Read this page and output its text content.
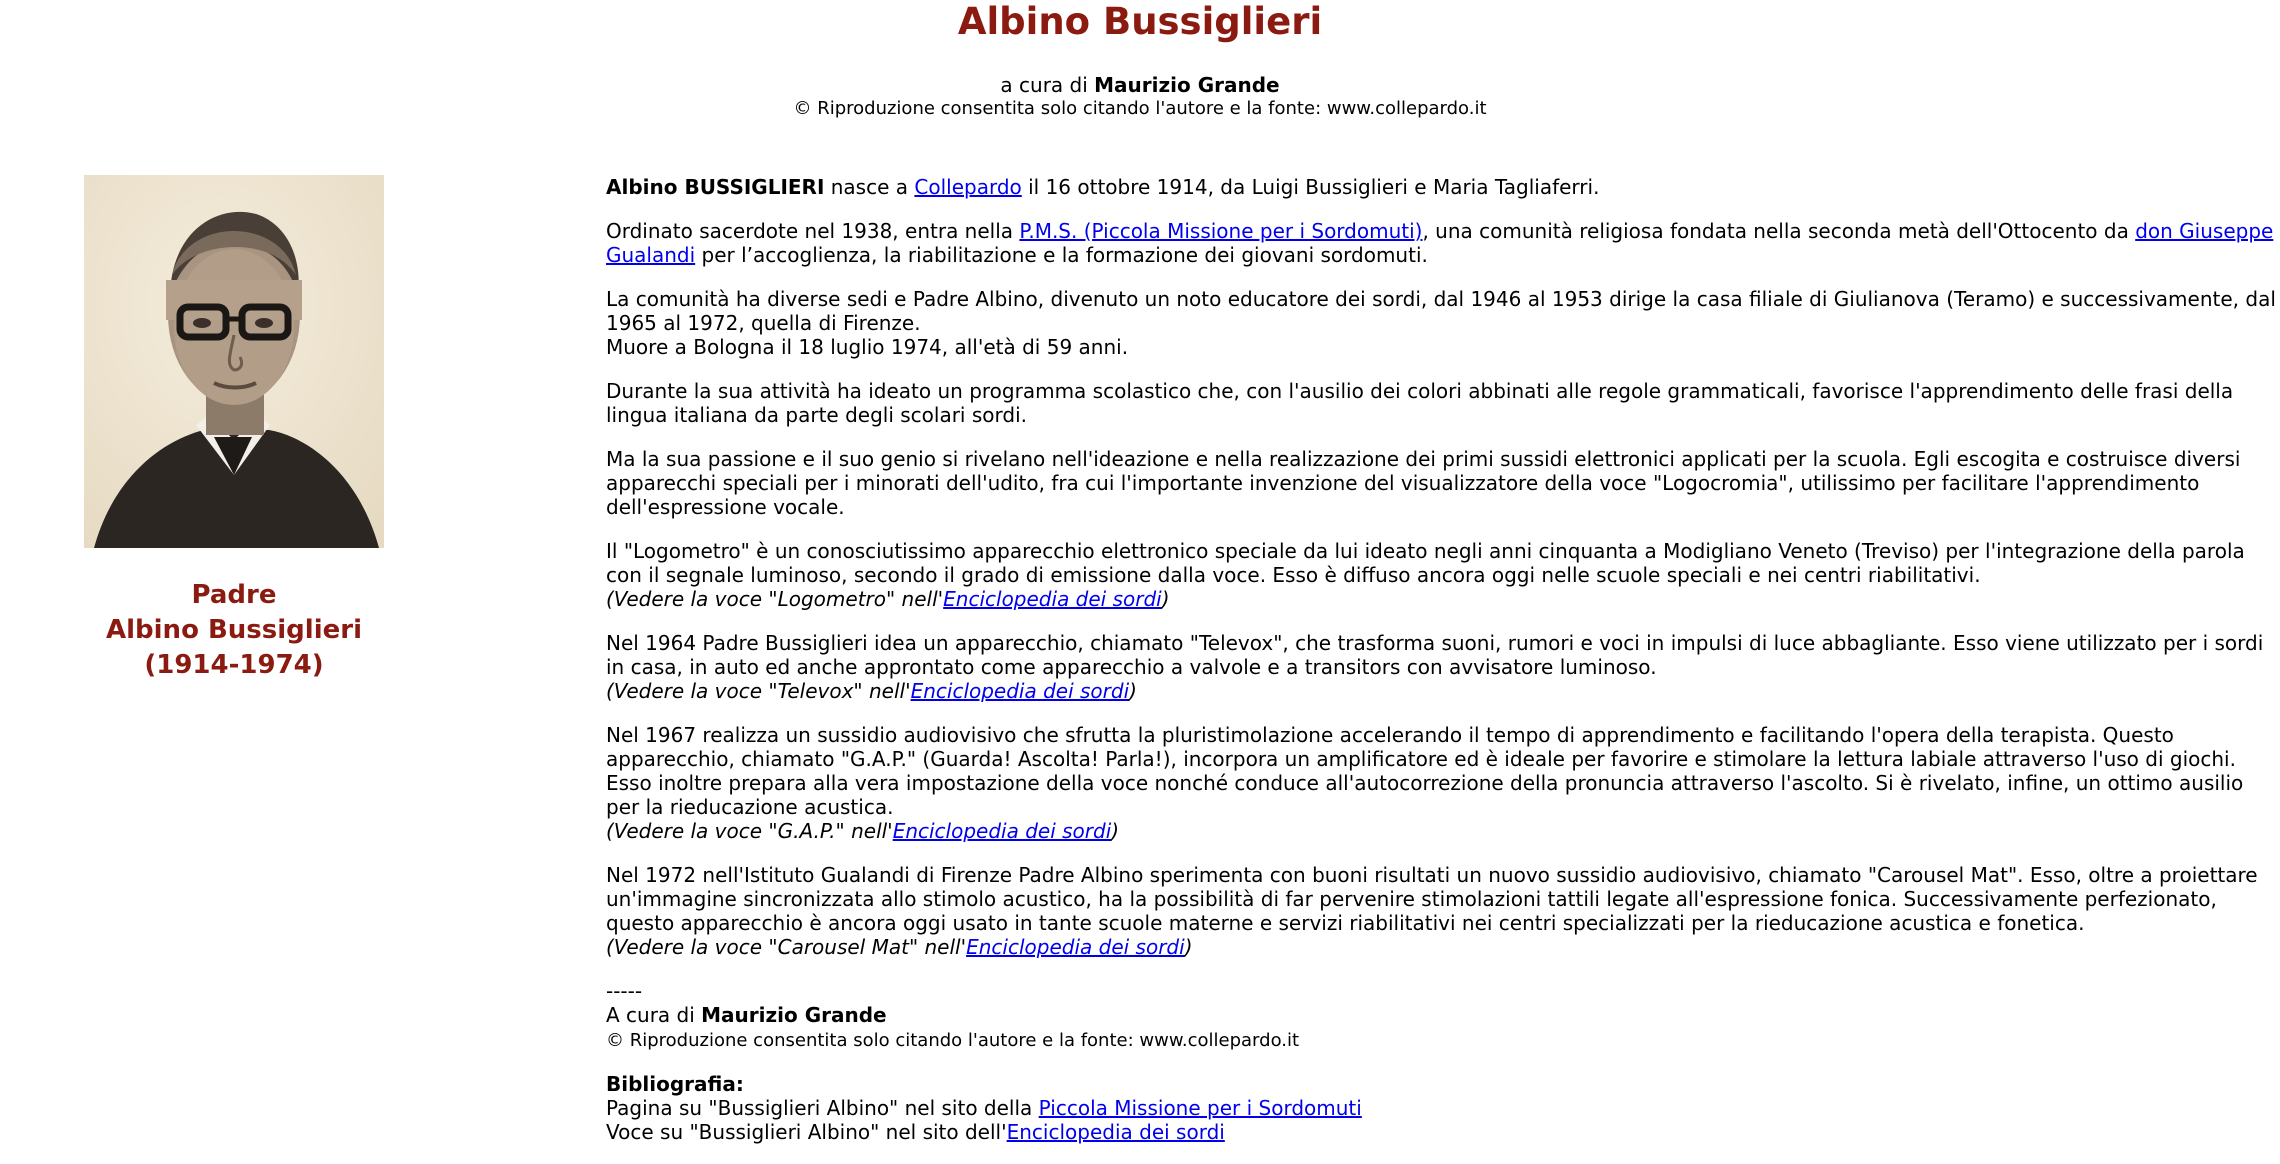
Albino Bussiglieri
a cura di Maurizio Grande
© Riproduzione consentita solo citando l'autore e la fonte: www.collepardo.it
Padre
Albino Bussiglieri
(1914-1974)

Albino BUSSIGLIERI nasce a Collepardo il 16 ottobre 1914, da Luigi Bussiglieri e Maria Tagliaferri.

Ordinato sacerdote nel 1938, entra nella P.M.S. (Piccola Missione per i Sordomuti), una comunità religiosa fondata nella seconda metà dell'Ottocento da don Giuseppe Gualandi per l’accoglienza, la riabilitazione e la formazione dei giovani sordomuti.

La comunità ha diverse sedi e Padre Albino, divenuto un noto educatore dei sordi, dal 1946 al 1953 dirige la casa filiale di Giulianova (Teramo) e successivamente, dal 1965 al 1972, quella di Firenze.
Muore a Bologna il 18 luglio 1974, all'età di 59 anni.

Durante la sua attività ha ideato un programma scolastico che, con l'ausilio dei colori abbinati alle regole grammaticali, favorisce l'apprendimento delle frasi della lingua italiana da parte degli scolari sordi.

Ma la sua passione e il suo genio si rivelano nell'ideazione e nella realizzazione dei primi sussidi elettronici applicati per la scuola. Egli escogita e costruisce diversi apparecchi speciali per i minorati dell'udito, fra cui l'importante invenzione del visualizzatore della voce "Logocromia", utilissimo per facilitare l'apprendimento dell'espressione vocale.

Il "Logometro" è un conosciutissimo apparecchio elettronico speciale da lui ideato negli anni cinquanta a Modigliano Veneto (Treviso) per l'integrazione della parola con il segnale luminoso, secondo il grado di emissione dalla voce. Esso è diffuso ancora oggi nelle scuole speciali e nei centri riabilitativi.
(Vedere la voce "Logometro" nell'Enciclopedia dei sordi)

Nel 1964 Padre Bussiglieri idea un apparecchio, chiamato "Televox", che trasforma suoni, rumori e voci in impulsi di luce abbagliante. Esso viene utilizzato per i sordi in casa, in auto ed anche approntato come apparecchio a valvole e a transitors con avvisatore luminoso.
(Vedere la voce "Televox" nell'Enciclopedia dei sordi)

Nel 1967 realizza un sussidio audiovisivo che sfrutta la pluristimolazione accelerando il tempo di apprendimento e facilitando l'opera della terapista. Questo apparecchio, chiamato "G.A.P." (Guarda! Ascolta! Parla!), incorpora un amplificatore ed è ideale per favorire e stimolare la lettura labiale attraverso l'uso di giochi. Esso inoltre prepara alla vera impostazione della voce nonché conduce all'autocorrezione della pronuncia attraverso l'ascolto. Si è rivelato, infine, un ottimo ausilio per la rieducazione acustica.
(Vedere la voce "G.A.P." nell'Enciclopedia dei sordi)

Nel 1972 nell'Istituto Gualandi di Firenze Padre Albino sperimenta con buoni risultati un nuovo sussidio audiovisivo, chiamato "Carousel Mat". Esso, oltre a proiettare un'immagine sincronizzata allo stimolo acustico, ha la possibilità di far pervenire stimolazioni tattili legate all'espressione fonica. Successivamente perfezionato, questo apparecchio è ancora oggi usato in tante scuole materne e servizi riabilitativi nei centri specializzati per la rieducazione acustica e fonetica.
(Vedere la voce "Carousel Mat" nell'Enciclopedia dei sordi)

-----
A cura di Maurizio Grande
© Riproduzione consentita solo citando l'autore e la fonte: www.collepardo.it

Bibliografia:
Pagina su "Bussiglieri Albino" nel sito della Piccola Missione per i Sordomuti
Voce su "Bussiglieri Albino" nel sito dell'Enciclopedia dei sordi
